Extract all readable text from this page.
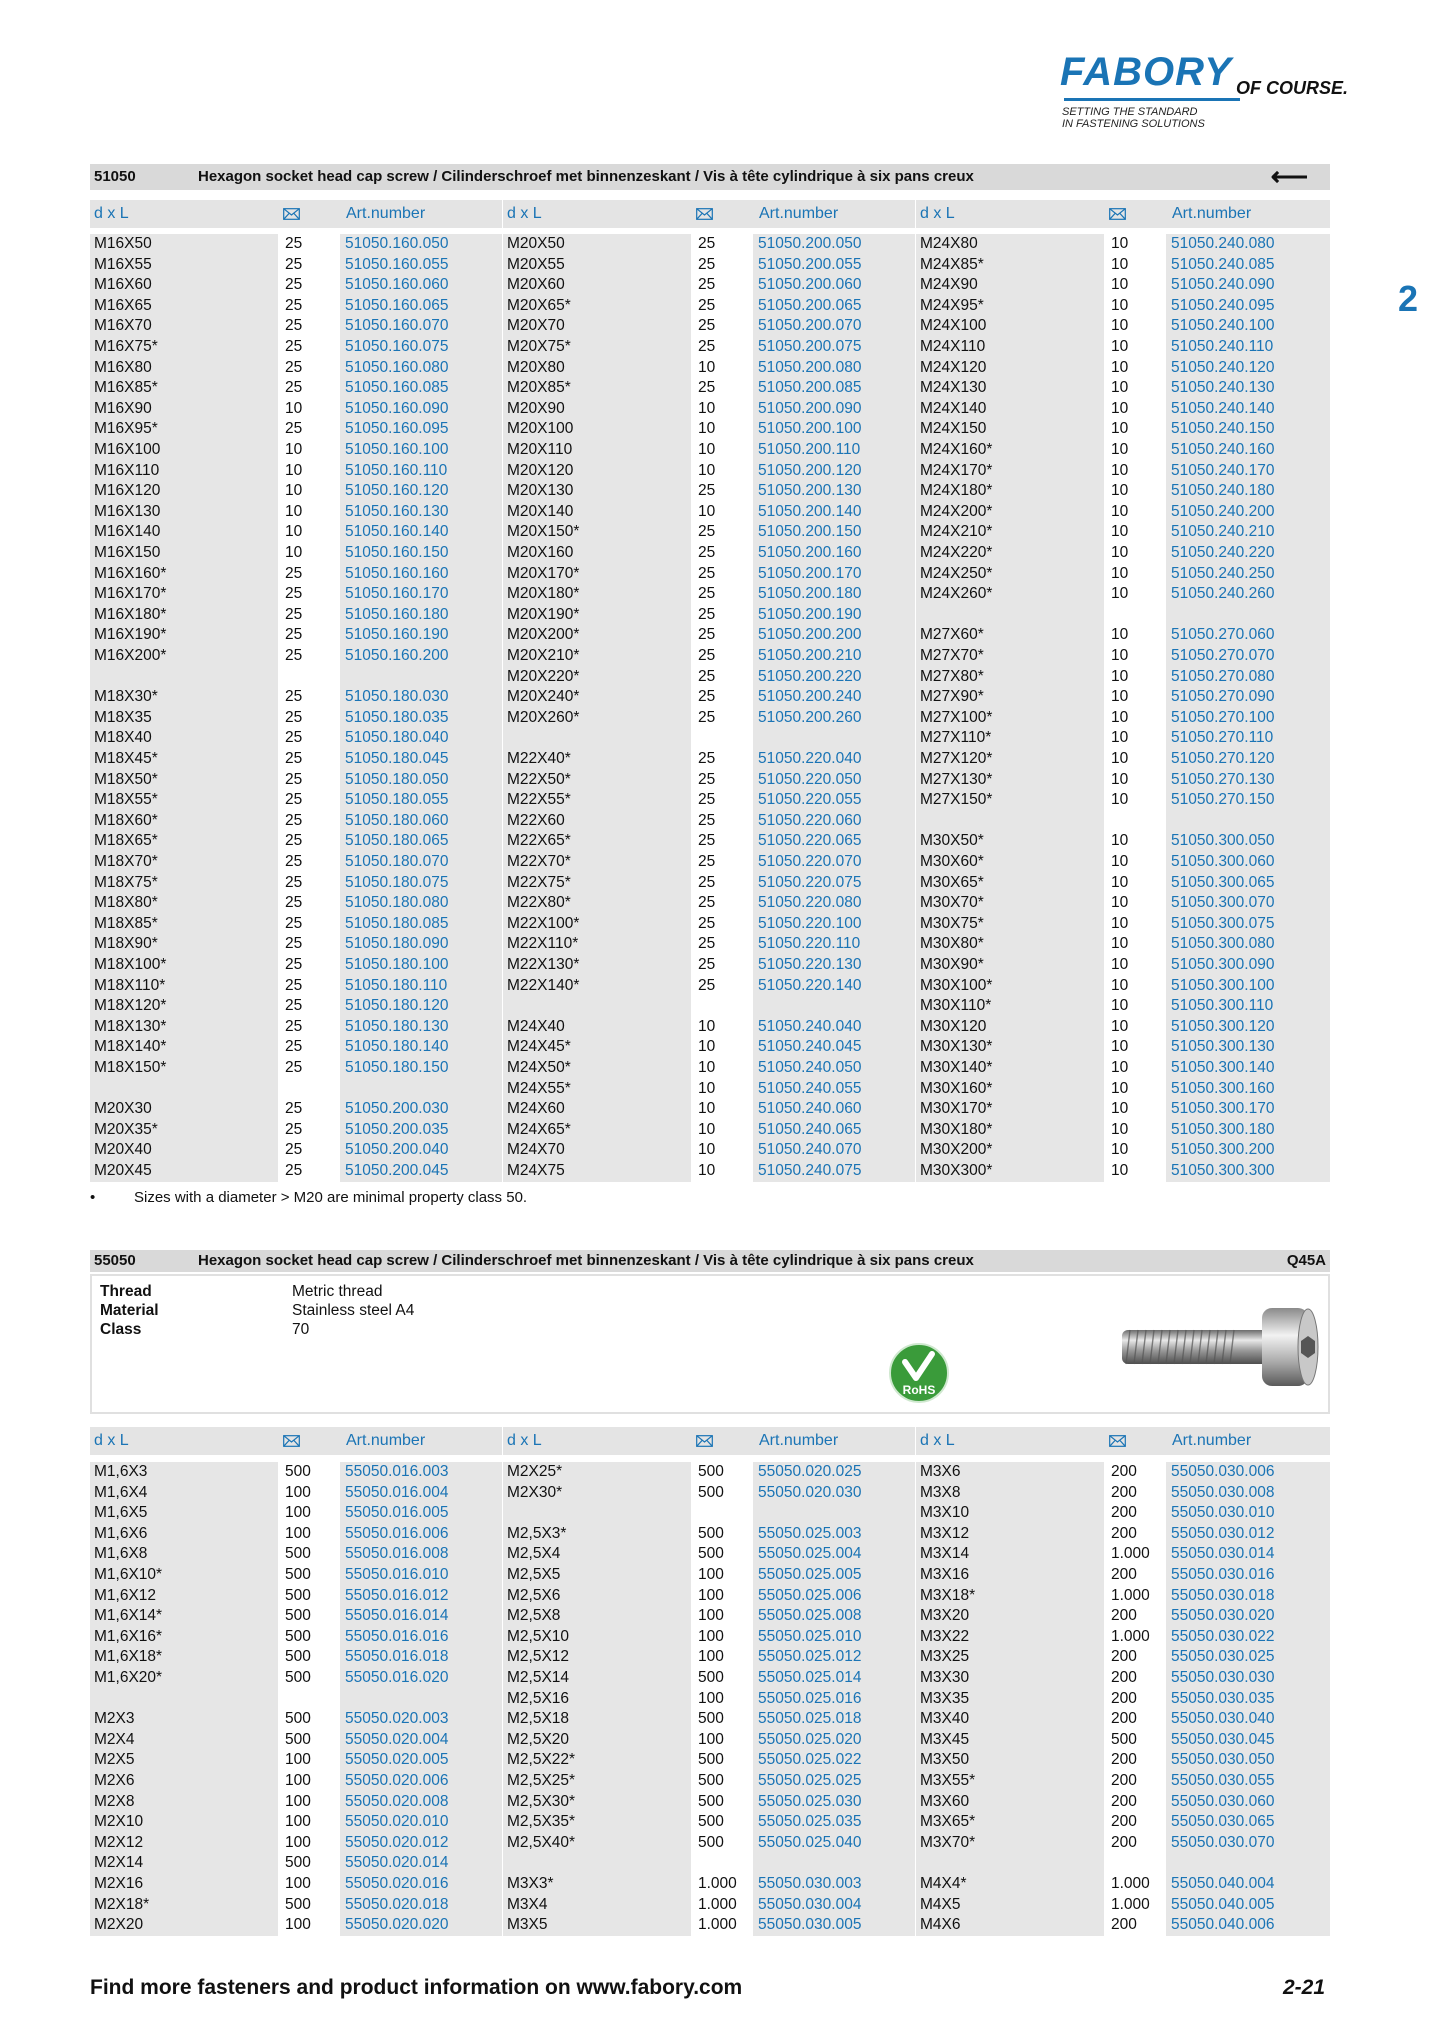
FABORY OF COURSE.
SETTING THE STANDARD
IN FASTENING SOLUTIONS
2
51050	Hexagon socket head cap screw / Cilinderschroef met binnenzeskant / Vis à tête cylindrique à six pans creux	⟵
d x L	Art.number
M16X50	25	51050.160.050
M16X55	25	51050.160.055
M16X60	25	51050.160.060
M16X65	25	51050.160.065
M16X70	25	51050.160.070
M16X75*	25	51050.160.075
M16X80	25	51050.160.080
M16X85*	25	51050.160.085
M16X90	10	51050.160.090
M16X95*	25	51050.160.095
M16X100	10	51050.160.100
M16X110	10	51050.160.110
M16X120	10	51050.160.120
M16X130	10	51050.160.130
M16X140	10	51050.160.140
M16X150	10	51050.160.150
M16X160*	25	51050.160.160
M16X170*	25	51050.160.170
M16X180*	25	51050.160.180
M16X190*	25	51050.160.190
M16X200*	25	51050.160.200
M18X30*	25	51050.180.030
M18X35	25	51050.180.035
M18X40	25	51050.180.040
M18X45*	25	51050.180.045
M18X50*	25	51050.180.050
M18X55*	25	51050.180.055
M18X60*	25	51050.180.060
M18X65*	25	51050.180.065
M18X70*	25	51050.180.070
M18X75*	25	51050.180.075
M18X80*	25	51050.180.080
M18X85*	25	51050.180.085
M18X90*	25	51050.180.090
M18X100*	25	51050.180.100
M18X110*	25	51050.180.110
M18X120*	25	51050.180.120
M18X130*	25	51050.180.130
M18X140*	25	51050.180.140
M18X150*	25	51050.180.150
M20X30	25	51050.200.030
M20X35*	25	51050.200.035
M20X40	25	51050.200.040
M20X45	25	51050.200.045
d x L	Art.number
M20X50	25	51050.200.050
M20X55	25	51050.200.055
M20X60	25	51050.200.060
M20X65*	25	51050.200.065
M20X70	25	51050.200.070
M20X75*	25	51050.200.075
M20X80	10	51050.200.080
M20X85*	25	51050.200.085
M20X90	10	51050.200.090
M20X100	10	51050.200.100
M20X110	10	51050.200.110
M20X120	10	51050.200.120
M20X130	25	51050.200.130
M20X140	10	51050.200.140
M20X150*	25	51050.200.150
M20X160	25	51050.200.160
M20X170*	25	51050.200.170
M20X180*	25	51050.200.180
M20X190*	25	51050.200.190
M20X200*	25	51050.200.200
M20X210*	25	51050.200.210
M20X220*	25	51050.200.220
M20X240*	25	51050.200.240
M20X260*	25	51050.200.260
M22X40*	25	51050.220.040
M22X50*	25	51050.220.050
M22X55*	25	51050.220.055
M22X60	25	51050.220.060
M22X65*	25	51050.220.065
M22X70*	25	51050.220.070
M22X75*	25	51050.220.075
M22X80*	25	51050.220.080
M22X100*	25	51050.220.100
M22X110*	25	51050.220.110
M22X130*	25	51050.220.130
M22X140*	25	51050.220.140
M24X40	10	51050.240.040
M24X45*	10	51050.240.045
M24X50*	10	51050.240.050
M24X55*	10	51050.240.055
M24X60	10	51050.240.060
M24X65*	10	51050.240.065
M24X70	10	51050.240.070
M24X75	10	51050.240.075
d x L	Art.number
M24X80	10	51050.240.080
M24X85*	10	51050.240.085
M24X90	10	51050.240.090
M24X95*	10	51050.240.095
M24X100	10	51050.240.100
M24X110	10	51050.240.110
M24X120	10	51050.240.120
M24X130	10	51050.240.130
M24X140	10	51050.240.140
M24X150	10	51050.240.150
M24X160*	10	51050.240.160
M24X170*	10	51050.240.170
M24X180*	10	51050.240.180
M24X200*	10	51050.240.200
M24X210*	10	51050.240.210
M24X220*	10	51050.240.220
M24X250*	10	51050.240.250
M24X260*	10	51050.240.260
M27X60*	10	51050.270.060
M27X70*	10	51050.270.070
M27X80*	10	51050.270.080
M27X90*	10	51050.270.090
M27X100*	10	51050.270.100
M27X110*	10	51050.270.110
M27X120*	10	51050.270.120
M27X130*	10	51050.270.130
M27X150*	10	51050.270.150
M30X50*	10	51050.300.050
M30X60*	10	51050.300.060
M30X65*	10	51050.300.065
M30X70*	10	51050.300.070
M30X75*	10	51050.300.075
M30X80*	10	51050.300.080
M30X90*	10	51050.300.090
M30X100*	10	51050.300.100
M30X110*	10	51050.300.110
M30X120	10	51050.300.120
M30X130*	10	51050.300.130
M30X140*	10	51050.300.140
M30X160*	10	51050.300.160
M30X170*	10	51050.300.170
M30X180*	10	51050.300.180
M30X200*	10	51050.300.200
M30X300*	10	51050.300.300
•	Sizes with a diameter > M20 are minimal property class 50.
55050	Hexagon socket head cap screw / Cilinderschroef met binnenzeskant / Vis à tête cylindrique à six pans creux	Q45A
Thread	Metric thread
Material	Stainless steel A4
Class	70
RoHS
d x L	Art.number
M1,6X3	500 55050.016.003
M1,6X4	100 55050.016.004
M1,6X5	100 55050.016.005
M1,6X6	100 55050.016.006
M1,6X8	500 55050.016.008
M1,6X10*	500 55050.016.010
M1,6X12	500 55050.016.012
M1,6X14*	500 55050.016.014
M1,6X16*	500 55050.016.016
M1,6X18*	500 55050.016.018
M1,6X20*	500 55050.016.020
M2X3	500 55050.020.003
M2X4	500 55050.020.004
M2X5	100 55050.020.005
M2X6	100 55050.020.006
M2X8	100 55050.020.008
M2X10	100 55050.020.010
M2X12	100 55050.020.012
M2X14	500 55050.020.014
M2X16	100 55050.020.016
M2X18*	500 55050.020.018
M2X20	100 55050.020.020
d x L	Art.number
M2X25*	500 55050.020.025
M2X30*	500 55050.020.030
M2,5X3*	500 55050.025.003
M2,5X4	500 55050.025.004
M2,5X5	100 55050.025.005
M2,5X6	100 55050.025.006
M2,5X8	100 55050.025.008
M2,5X10	100 55050.025.010
M2,5X12	100 55050.025.012
M2,5X14	500 55050.025.014
M2,5X16	100 55050.025.016
M2,5X18	500 55050.025.018
M2,5X20	100 55050.025.020
M2,5X22*	500 55050.025.022
M2,5X25*	500 55050.025.025
M2,5X30*	500 55050.025.030
M2,5X35*	500 55050.025.035
M2,5X40*	500 55050.025.040
M3X3*	1.000 55050.030.003
M3X4	1.000 55050.030.004
M3X5	1.000 55050.030.005
d x L	Art.number
M3X6	200 55050.030.006
M3X8	200 55050.030.008
M3X10	200 55050.030.010
M3X12	200 55050.030.012
M3X14	1.000 55050.030.014
M3X16	200 55050.030.016
M3X18*	1.000 55050.030.018
M3X20	200 55050.030.020
M3X22	1.000 55050.030.022
M3X25	200 55050.030.025
M3X30	200 55050.030.030
M3X35	200 55050.030.035
M3X40	200 55050.030.040
M3X45	500 55050.030.045
M3X50	200 55050.030.050
M3X55*	200 55050.030.055
M3X60	200 55050.030.060
M3X65*	200 55050.030.065
M3X70*	200 55050.030.070
M4X4*	1.000 55050.040.004
M4X5	1.000 55050.040.005
M4X6	200 55050.040.006
Find more fasteners and product information on www.fabory.com	2-21
